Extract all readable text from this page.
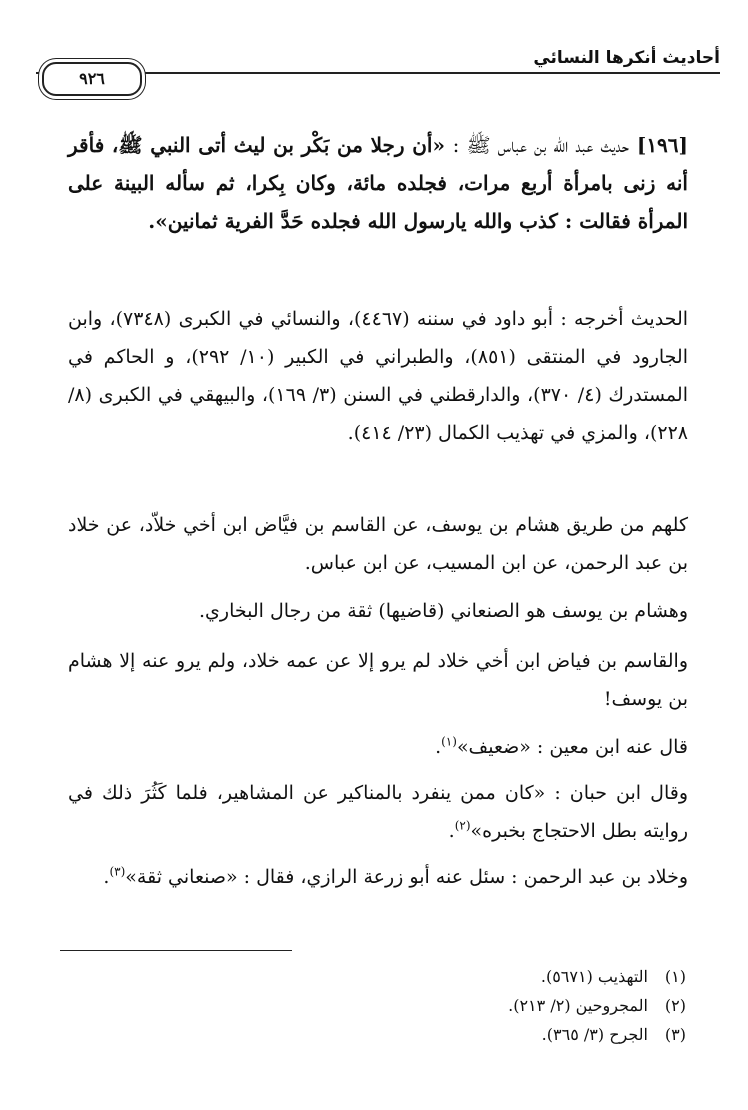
أحاديث أنكرها النسائي
٩٢٦

[١٩٦] حديث عبد الله بن عباس ﷺ : «أن رجلا من بَكْر بن ليث أتى النبي ﷺ، فأقر أنه زنى بامرأة أربع مرات، فجلده مائة، وكان بِكرا، ثم سأله البينة على المرأة فقالت : كذب والله يارسول الله فجلده حَدَّ الفرية ثمانين».

الحديث أخرجه : أبو داود في سننه (٤٤٦٧)، والنسائي في الكبرى (٧٣٤٨)، وابن الجارود في المنتقى (٨٥١)، والطبراني في الكبير (١٠/ ٢٩٢)، و الحاكم في المستدرك (٤/ ٣٧٠)، والدارقطني في السنن (٣/ ١٦٩)، والبيهقي في الكبرى (٨/ ٢٢٨)، والمزي في تهذيب الكمال (٢٣/ ٤١٤).

كلهم من طريق هشام بن يوسف، عن القاسم بن فيَّاض ابن أخي خلاّد، عن خلاد بن عبد الرحمن، عن ابن المسيب، عن ابن عباس.

وهشام بن يوسف هو الصنعاني (قاضيها) ثقة من رجال البخاري.

والقاسم بن فياض ابن أخي خلاد لم يرو إلا عن عمه خلاد، ولم يرو عنه إلا هشام بن يوسف!

قال عنه ابن معين : «ضعيف»$^{(١)}$.

وقال ابن حبان : «كان ممن ينفرد بالمناكير عن المشاهير، فلما كَثُرَ ذلك في روايته بطل الاحتجاج بخبره»$^{(٢)}$.

وخلاد بن عبد الرحمن : سئل عنه أبو زرعة الرازي، فقال : «صنعاني ثقة»$^{(٣)}$.

(١)التهذيب (٥٦٧١).

(٢)المجروحين (٢/ ٢١٣).

(٣)الجرح (٣/ ٣٦٥).
